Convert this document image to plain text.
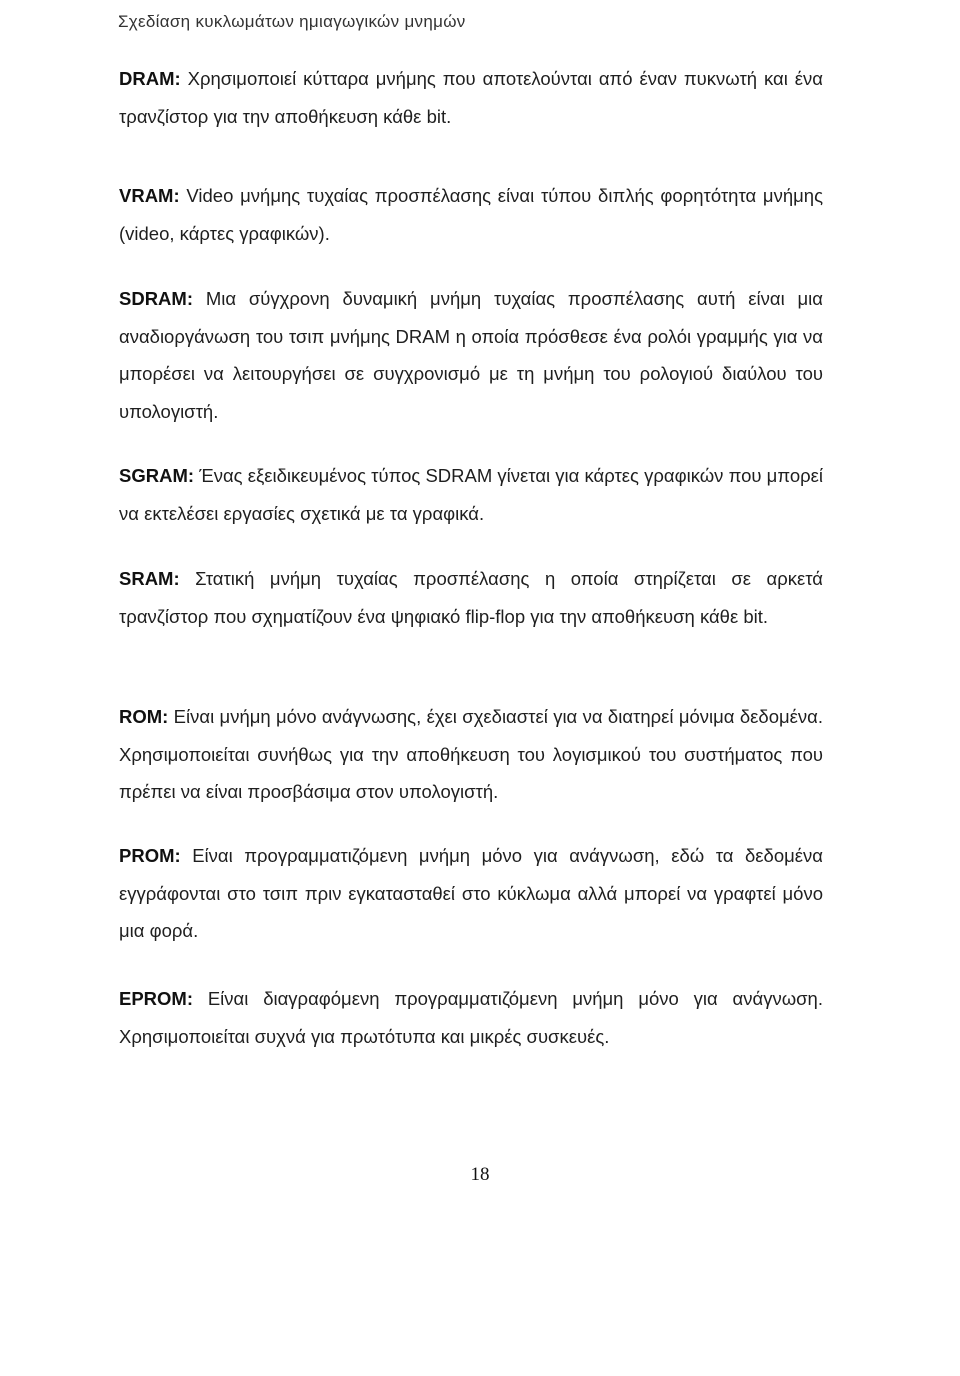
Σχεδίαση κυκλωμάτων ημιαγωγικών μνημών

DRAM: Χρησιμοποιεί κύτταρα μνήμης που αποτελούνται από έναν πυκνωτή και ένα τρανζίστορ για την αποθήκευση κάθε bit.

VRAM: Video μνήμης τυχαίας προσπέλασης είναι τύπου διπλής φορητότητα μνήμης (video, κάρτες γραφικών).

SDRAM: Μια σύγχρονη δυναμική μνήμη τυχαίας προσπέλασης αυτή είναι μια αναδιοργάνωση του τσιπ μνήμης DRAM η οποία πρόσθεσε ένα ρολόι γραμμής για να μπορέσει να λειτουργήσει σε συγχρονισμό με τη μνήμη του ρολογιού διαύλου του υπολογιστή.

SGRAM: Ένας εξειδικευμένος τύπος SDRAM γίνεται για κάρτες γραφικών που μπορεί να εκτελέσει εργασίες σχετικά με τα γραφικά.

SRAM: Στατική μνήμη τυχαίας προσπέλασης η οποία στηρίζεται σε αρκετά τρανζίστορ που σχηματίζουν ένα ψηφιακό flip-flop για την αποθήκευση κάθε bit.

ROM: Είναι μνήμη μόνο ανάγνωσης, έχει σχεδιαστεί για να διατηρεί μόνιμα δεδομένα. Χρησιμοποιείται συνήθως για την αποθήκευση του λογισμικού του συστήματος που πρέπει να είναι προσβάσιμα στον υπολογιστή.

PROM: Είναι προγραμματιζόμενη μνήμη μόνο για ανάγνωση, εδώ τα δεδομένα εγγράφονται στο τσιπ πριν εγκατασταθεί στο κύκλωμα αλλά μπορεί να γραφτεί μόνο μια φορά.

EPROM: Είναι διαγραφόμενη προγραμματιζόμενη μνήμη μόνο για ανάγνωση. Χρησιμοποιείται συχνά για πρωτότυπα και μικρές συσκευές.

18
